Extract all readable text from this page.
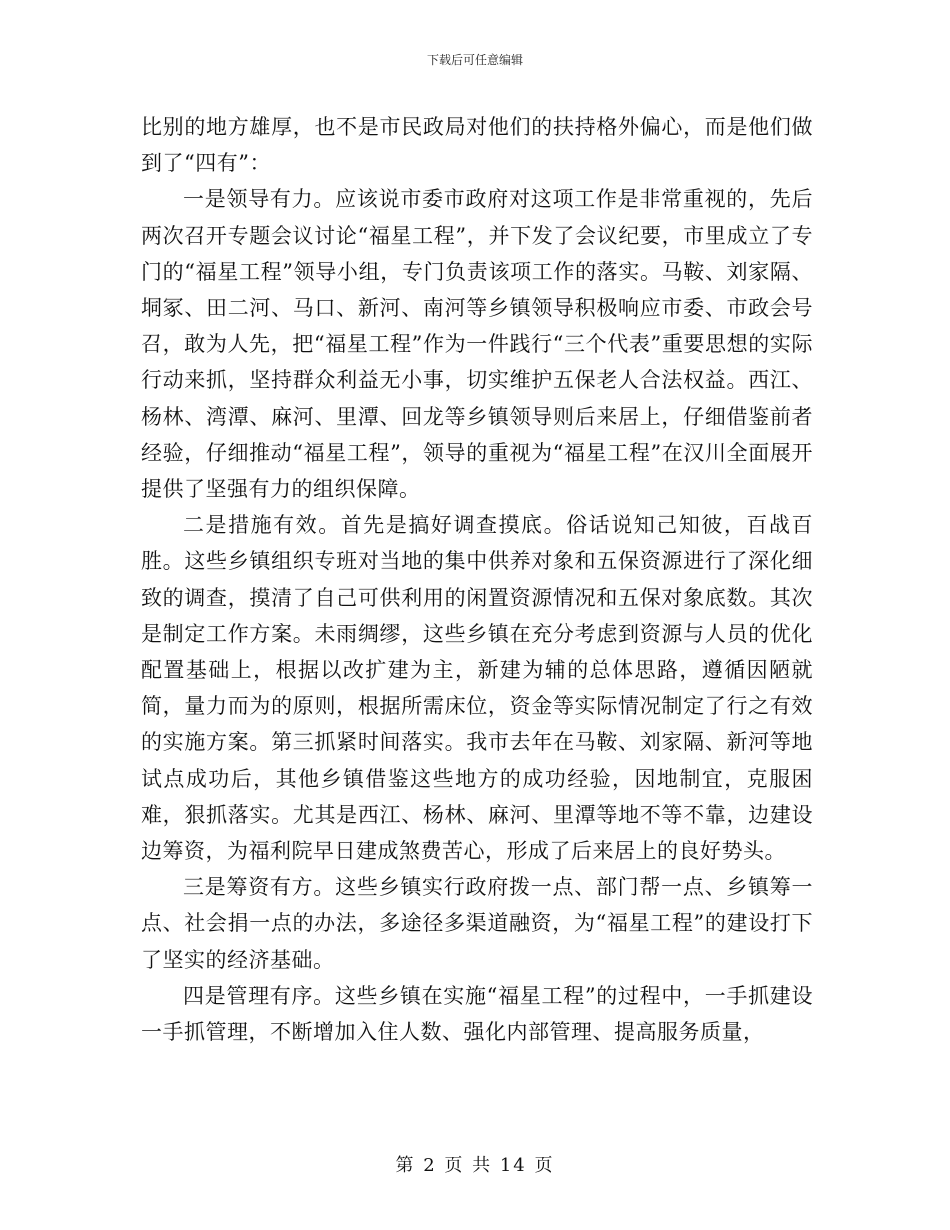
下载后可任意编辑

比别的地方雄厚，也不是市民政局对他们的扶持格外偏心，而是他们做到了“四有”：

一是领导有力。应该说市委市政府对这项工作是非常重视的，先后两次召开专题会议讨论“福星工程”，并下发了会议纪要，市里成立了专门的“福星工程”领导小组，专门负责该项工作的落实。马鞍、刘家隔、垌冢、田二河、马口、新河、南河等乡镇领导积极响应市委、市政会号召，敢为人先，把“福星工程”作为一件践行“三个代表”重要思想的实际行动来抓，坚持群众利益无小事，切实维护五保老人合法权益。西江、杨林、湾潭、麻河、里潭、回龙等乡镇领导则后来居上，仔细借鉴前者经验，仔细推动“福星工程”，领导的重视为“福星工程”在汉川全面展开提供了坚强有力的组织保障。

二是措施有效。首先是搞好调查摸底。俗话说知己知彼，百战百胜。这些乡镇组织专班对当地的集中供养对象和五保资源进行了深化细致的调查，摸清了自己可供利用的闲置资源情况和五保对象底数。其次是制定工作方案。未雨绸缪，这些乡镇在充分考虑到资源与人员的优化配置基础上，根据以改扩建为主，新建为辅的总体思路，遵循因陋就简，量力而为的原则，根据所需床位，资金等实际情况制定了行之有效的实施方案。第三抓紧时间落实。我市去年在马鞍、刘家隔、新河等地试点成功后，其他乡镇借鉴这些地方的成功经验，因地制宜，克服困难，狠抓落实。尤其是西江、杨林、麻河、里潭等地不等不靠，边建设边筹资，为福利院早日建成煞费苦心，形成了后来居上的良好势头。

三是筹资有方。这些乡镇实行政府拨一点、部门帮一点、乡镇筹一点、社会捐一点的办法，多途径多渠道融资，为“福星工程”的建设打下了坚实的经济基础。

四是管理有序。这些乡镇在实施“福星工程”的过程中，一手抓建设一手抓管理，不断增加入住人数、强化内部管理、提高服务质量，

第 2 页 共 14 页
